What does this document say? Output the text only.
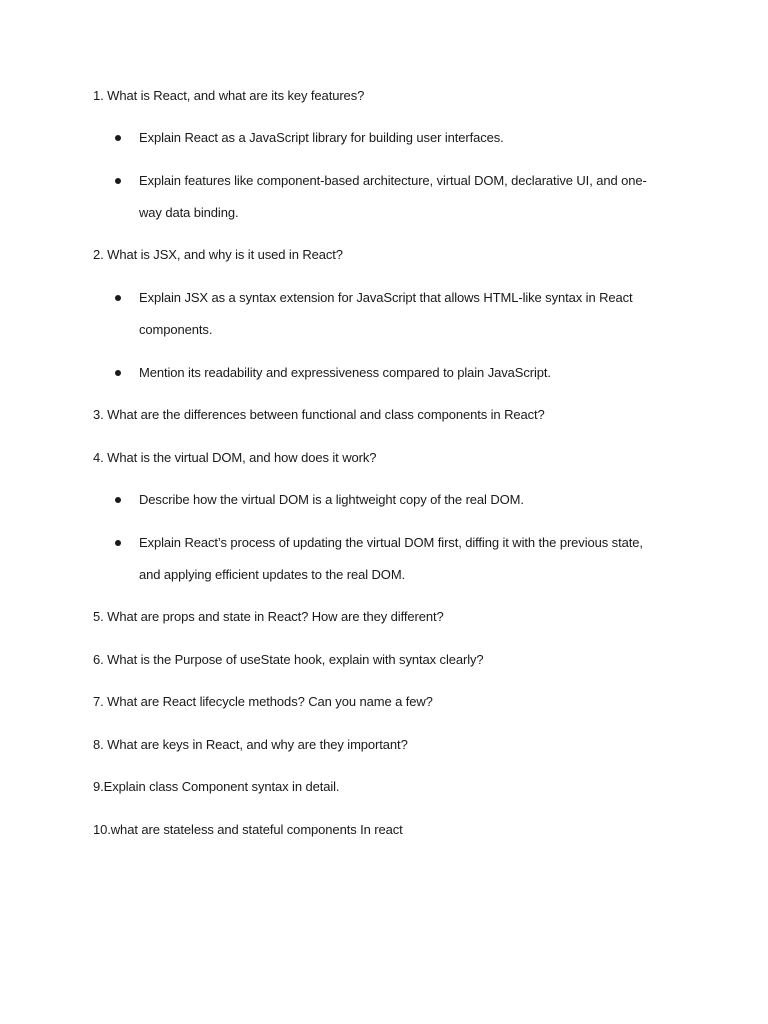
1. What is React, and what are its key features?
Explain React as a JavaScript library for building user interfaces.
Explain features like component-based architecture, virtual DOM, declarative UI, and one-
way data binding.
2. What is JSX, and why is it used in React?
Explain JSX as a syntax extension for JavaScript that allows HTML-like syntax in React
components.
Mention its readability and expressiveness compared to plain JavaScript.
3. What are the differences between functional and class components in React?
4. What is the virtual DOM, and how does it work?
Describe how the virtual DOM is a lightweight copy of the real DOM.
Explain React’s process of updating the virtual DOM first, diffing it with the previous state,
and applying efficient updates to the real DOM.
5. What are props and state in React? How are they different?
6. What is the Purpose of useState hook, explain with syntax clearly?
7. What are React lifecycle methods? Can you name a few?
8. What are keys in React, and why are they important?
9.Explain class Component syntax in detail.
10.what are stateless and stateful components In react
